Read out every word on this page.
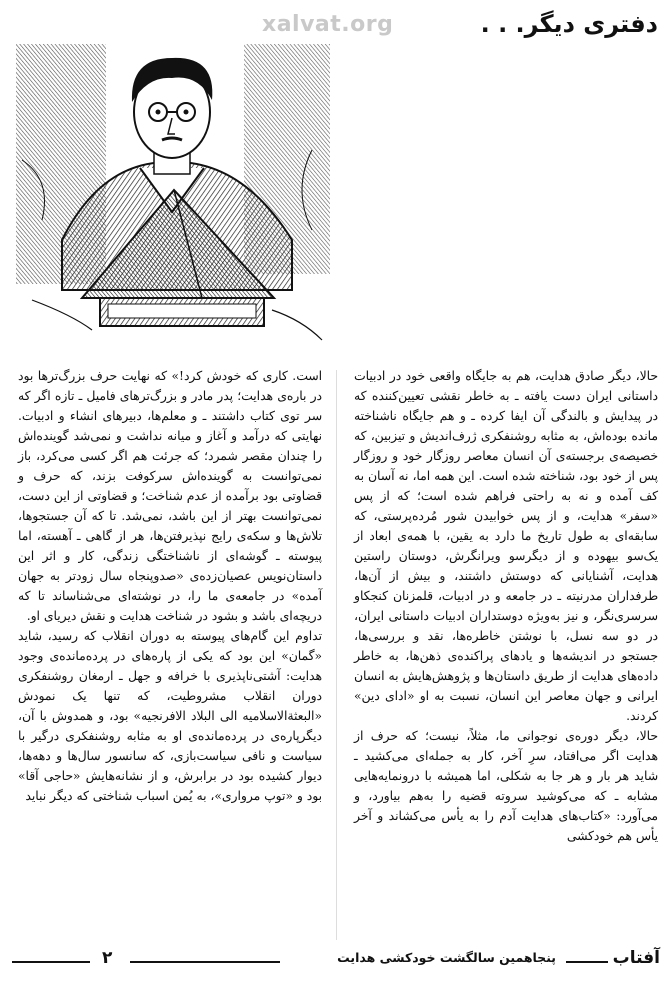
xalvat.org	دفتری دیگر. . .

حالا، دیگر صادق هدایت، هم به جایگاه واقعی خود در ادبیات داستانی ایران دست یافته ـ به خاطر نقشی تعیین‌کننده که در پیدایش و بالندگی آن ایفا کرده ـ و هم جایگاه ناشناخته مانده‌ بوده‌اش، به مثابه روشنفکری ژرف‌اندیش و تیزبین، که خصیصه‌ی برجسته‌ی آن انسان معاصر روزگار خود و روزگار پس از خود بود، شناخته شده است. این همه اما، نه آسان به کف آمده و نه به راحتی فراهم شده است؛ که از پس «سفر» هدایت، و از پس خوابیدن شور مُرده‌پرستی، که سابقه‌ای به طول تاریخ ما دارد به یقین، با همه‌ی ابعاد از یک‌سو بیهوده و از دیگرسو ویرانگرش، دوستان راستین هدایت، آشنایانی که دوستش داشتند، و بیش از آن‌ها، طرفداران مدرنیته ـ در جامعه و در ادبیات، قلمزنان کنجکاو سرسری‌نگر، و نیز به‌ویژه دوستداران ادبیات داستانی ایران، در دو سه نسل، با نوشتن خاطره‌ها، نقد و بررسی‌ها، جستجو در اندیشه‌ها و یادهای پراکنده‌ی ذهن‌ها، به خاطر داده‌های هدایت از طریق داستان‌ها و پژوهش‌هایش به انسان ایرانی و جهان معاصر این انسان، نسبت به او «ادای دین» کردند.

حالا، دیگر دوره‌ی نوجوانی ما، مثلاً، نیست؛ که حرف از هدایت اگر می‌افتاد، سرِ آخر، کار به جمله‌ای می‌کشید ـ شاید هر بار و هر جا به شکلی، اما همیشه با درونمایه‌هایی مشابه ـ که می‌کوشید سروته قضیه را به‌هم بیاورد، و می‌آورد: «کتاب‌های هدایت آدم را به یأس می‌کشاند و آخر یأس هم خودکشی

است. کاری که خودش کرد!» که نهایت حرف بزرگ‌ترها بود در باره‌ی هدایت؛ پدر مادر و بزرگ‌ترهای فامیل ـ تازه اگر که سر توی کتاب داشتند ـ و معلم‌ها، دبیرهای انشاء و ادبیات. نهایتی که درآمد و آغاز و میانه نداشت و نمی‌شد گوینده‌اش را چندان مقصر شمرد؛ که جرئت هم اگر کسی می‌کرد، باز نمی‌توانست به گوینده‌اش سرکوفت بزند، که حرف و قضاوتی بود برآمده از عدم شناخت؛ و قضاوتی از این دست، نمی‌توانست بهتر از این باشد، نمی‌شد. تا که آن جستجوها، تلاش‌ها و سکه‌ی رایج نپذیرفتن‌ها، هر از گاهی ـ آهسته، اما پیوسته ـ گوشه‌ای از ناشناختگی زندگی، کار و اثر این داستان‌نویس عصیان‌زده‌ی «صدوپنجاه سال زودتر به جهان آمده» در جامعه‌ی ما را، در نوشته‌ای می‌شناساند تا که دریچه‌ای باشد و بشود در شناخت هدایت و نقش دیریای او.

تداوم این گام‌های پیوسته به دوران انقلاب که رسید، شاید «گمان» این بود که یکی از پاره‌های در پرده‌مانده‌ی وجود هدایت: آشتی‌ناپذیری با خرافه و جهل ـ ارمغان روشنفکری دوران انقلاب مشروطیت، که تنها یک نمودش «البعثة‌الاسلامیه الی البلاد الافرنجیه» بود، و همدوش با آن، دیگرپاره‌ی در پرده‌مانده‌ی او به مثابه روشنفکری درگیر با سیاست و نافی سیاست‌بازی، که سانسور سال‌ها و دهه‌ها، دیوار کشیده بود در برابرش، و از نشانه‌هایش «حاجی آقا» بود و «توپ مرواری»، به یُمن اسباب شناختی که دیگر نباید

آفتاب
پنجاهمین سالگشت خودکشی هدایت
۲
